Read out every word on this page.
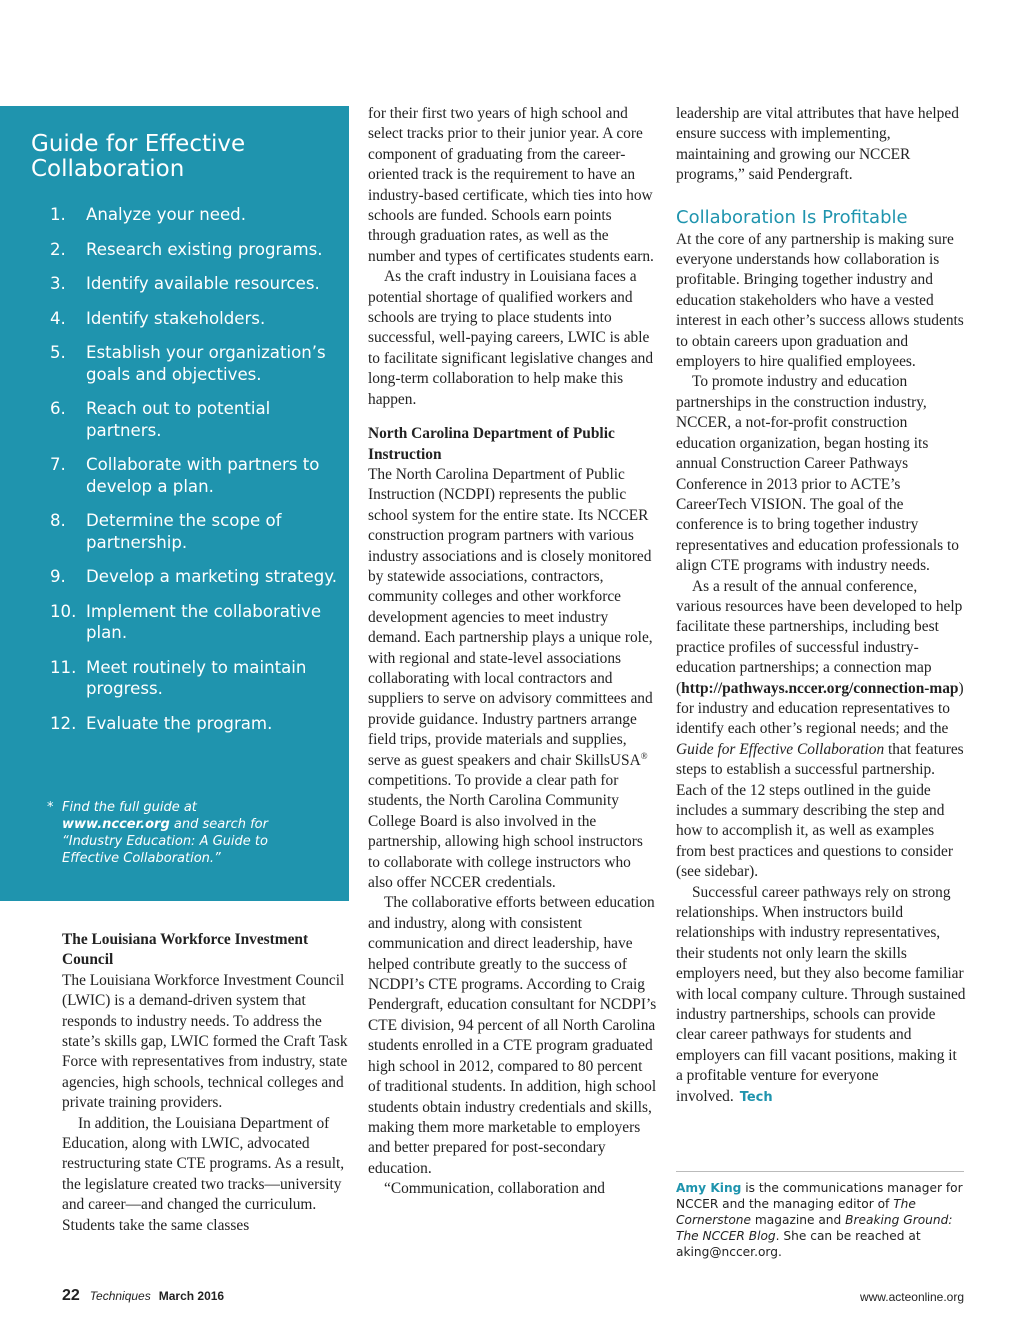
Guide for Effective Collaboration
1.	Analyze your need.
2.	Research existing programs.
3.	Identify available resources.
4.	Identify stakeholders.
5.	Establish your organization’s goals and objectives.
6.	Reach out to potential partners.
7.	Collaborate with partners to develop a plan.
8.	Determine the scope of partnership.
9.	Develop a marketing strategy.
10. Implement the collaborative plan.
11. Meet routinely to maintain progress.
12. Evaluate the program.
* Find the full guide at www.nccer.org and search for “Industry Education: A Guide to Effective Collaboration.”
The Louisiana Workforce Investment Council

The Louisiana Workforce Investment Council (LWIC) is a demand-driven system that responds to industry needs. To address the state’s skills gap, LWIC formed the Craft Task Force with representatives from industry, state agencies, high schools, technical colleges and private training providers.

In addition, the Louisiana Department of Education, along with LWIC, advocated restructuring state CTE programs. As a result, the legislature created two tracks—university and career—and changed the curriculum. Students take the same classes

for their first two years of high school and select tracks prior to their junior year. A core component of graduating from the career-oriented track is the requirement to have an industry-based certificate, which ties into how schools are funded. Schools earn points through graduation rates, as well as the number and types of certificates students earn.

As the craft industry in Louisiana faces a potential shortage of qualified workers and schools are trying to place students into successful, well-paying careers, LWIC is able to facilitate significant legislative changes and long-term collaboration to help make this happen.

North Carolina Department of Public Instruction

The North Carolina Department of Public Instruction (NCDPI) represents the public school system for the entire state. Its NCCER construction program partners with various industry associations and is closely monitored by statewide associations, contractors, community colleges and other workforce development agencies to meet industry demand. Each partnership plays a unique role, with regional and state-level associations collaborating with local contractors and suppliers to serve on advisory committees and provide guidance. Industry partners arrange field trips, provide materials and supplies, serve as guest speakers and chair SkillsUSA® competitions. To provide a clear path for students, the North Carolina Community College Board is also involved in the partnership, allowing high school instructors to collaborate with college instructors who also offer NCCER credentials.

The collaborative efforts between education and industry, along with consistent communication and direct leadership, have helped contribute greatly to the success of NCDPI’s CTE programs. According to Craig Pendergraft, education consultant for NCDPI’s CTE division, 94 percent of all North Carolina students enrolled in a CTE program graduated high school in 2012, compared to 80 percent of traditional students. In addition, high school students obtain industry credentials and skills, making them more marketable to employers and better prepared for post-secondary education.

“Communication, collaboration and

leadership are vital attributes that have helped ensure success with implementing, maintaining and growing our NCCER programs,” said Pendergraft.

Collaboration Is Profitable

At the core of any partnership is making sure everyone understands how collaboration is profitable. Bringing together industry and education stakeholders who have a vested interest in each other’s success allows students to obtain careers upon graduation and employers to hire qualified employees.

To promote industry and education partnerships in the construction industry, NCCER, a not-for-profit construction education organization, began hosting its annual Construction Career Pathways Conference in 2013 prior to ACTE’s CareerTech VISION. The goal of the conference is to bring together industry representatives and education professionals to align CTE programs with industry needs.

As a result of the annual conference, various resources have been developed to help facilitate these partnerships, including best practice profiles of successful industry-education partnerships; a connection map (http://pathways.nccer.org/connection-map) for industry and education representatives to identify each other’s regional needs; and the Guide for Effective Collaboration that features steps to establish a successful partnership. Each of the 12 steps outlined in the guide includes a summary describing the step and how to accomplish it, as well as examples from best practices and questions to consider (see sidebar).

Successful career pathways rely on strong relationships. When instructors build relationships with industry representatives, their students not only learn the skills employers need, but they also become familiar with local company culture. Through sustained industry partnerships, schools can provide clear career pathways for students and employers can fill vacant positions, making it a profitable venture for everyone involved. Tech

Amy King is the communications manager for NCCER and the managing editor of The Cornerstone magazine and Breaking Ground: The NCCER Blog. She can be reached at aking@nccer.org.
22 Techniques March 2016	www.acteonline.org
